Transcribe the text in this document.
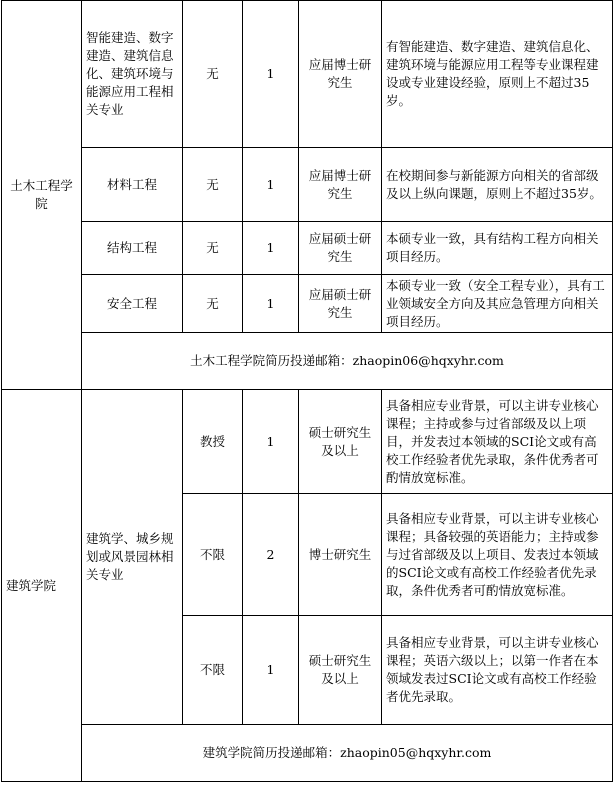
土木工程学院	智能建造、数字建造、建筑信息化、建筑环境与能源应用工程相关专业	无	1	应届博士研究生	有智能建造、数字建造、建筑信息化、建筑环境与能源应用工程等专业课程建设或专业建设经验，原则上不超过35岁。
	材料工程	无	1	应届博士研究生	在校期间参与新能源方向相关的省部级及以上纵向课题，原则上不超过35岁。
	结构工程	无	1	应届硕士研究生	本硕专业一致，具有结构工程方向相关项目经历。
	安全工程	无	1	应届硕士研究生	本硕专业一致（安全工程专业），具有工业领域安全方向及其应急管理方向相关项目经历。
	土木工程学院简历投递邮箱：zhaopin06@hqxyhr.com				
建筑学院	建筑学、城乡规划或风景园林相关专业	教授	1	硕士研究生及以上	具备相应专业背景，可以主讲专业核心课程；主持或参与过省部级及以上项目，并发表过本领域的SCI论文或有高校工作经验者优先录取，条件优秀者可酌情放宽标准。
		不限	2	博士研究生	具备相应专业背景，可以主讲专业核心课程；具备较强的英语能力；主持或参与过省部级及以上项目、发表过本领域的SCI论文或有高校工作经验者优先录取，条件优秀者可酌情放宽标准。
		不限	1	硕士研究生及以上	具备相应专业背景，可以主讲专业核心课程；英语六级以上；以第一作者在本领域发表过SCI论文或有高校工作经验者优先录取。
	建筑学院简历投递邮箱：zhaopin05@hqxyhr.com				
